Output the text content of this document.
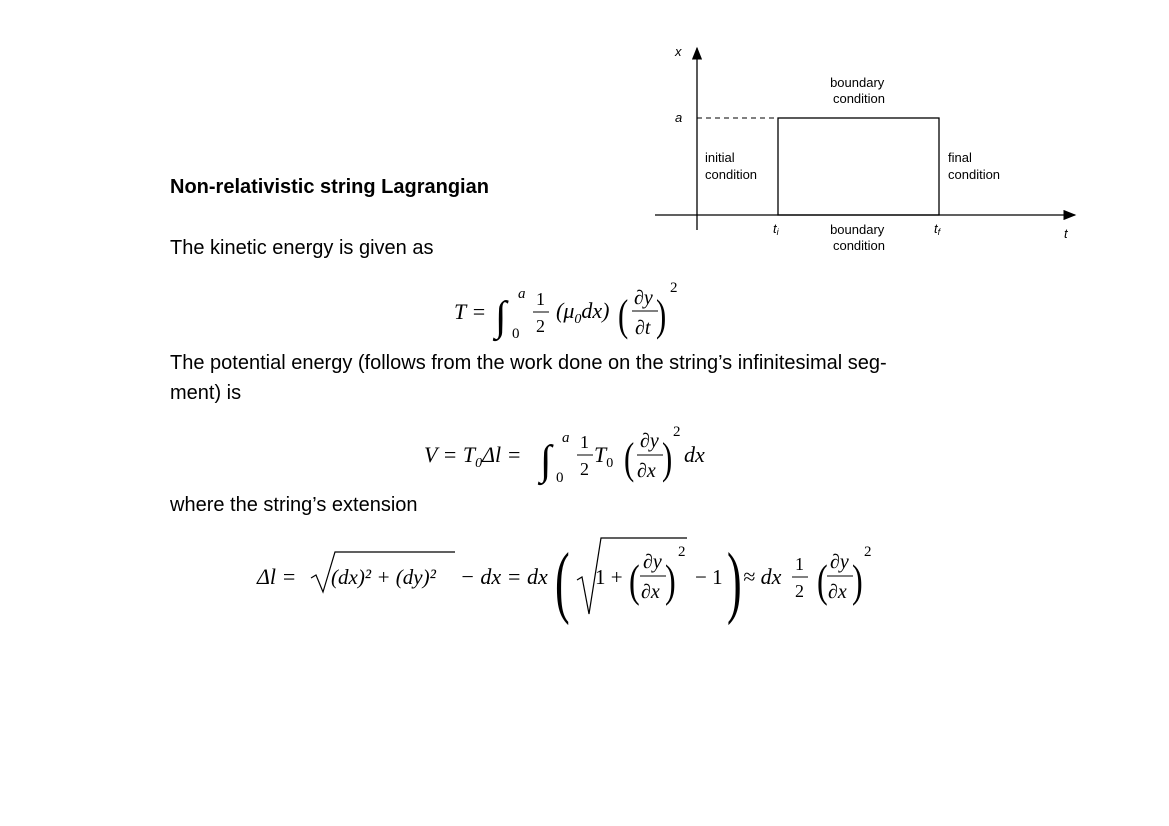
x
a
t
ti	tf
boundary condition
initial condition
final condition
boundary condition
Non-relativistic string Lagrangian
The kinetic energy is given as
T = ∫ a
0
1
2
$(\mu_0dx)$ ( ∂y
∂t )
2
The potential energy (follows from the work done on the string’s infinitesimal seg-
ment) is
$V = T_0\Delta l$ = ∫ a
0
1
2
$T_0$ ( ∂y
∂x )
2
dx
where the string’s extension
Δl = (dx)² + (dy)² − dx = dx ( 1 + ( ∂y
∂x )
2
− 1 ) ≈ dx 1
2 ( ∂y
∂x )
2
